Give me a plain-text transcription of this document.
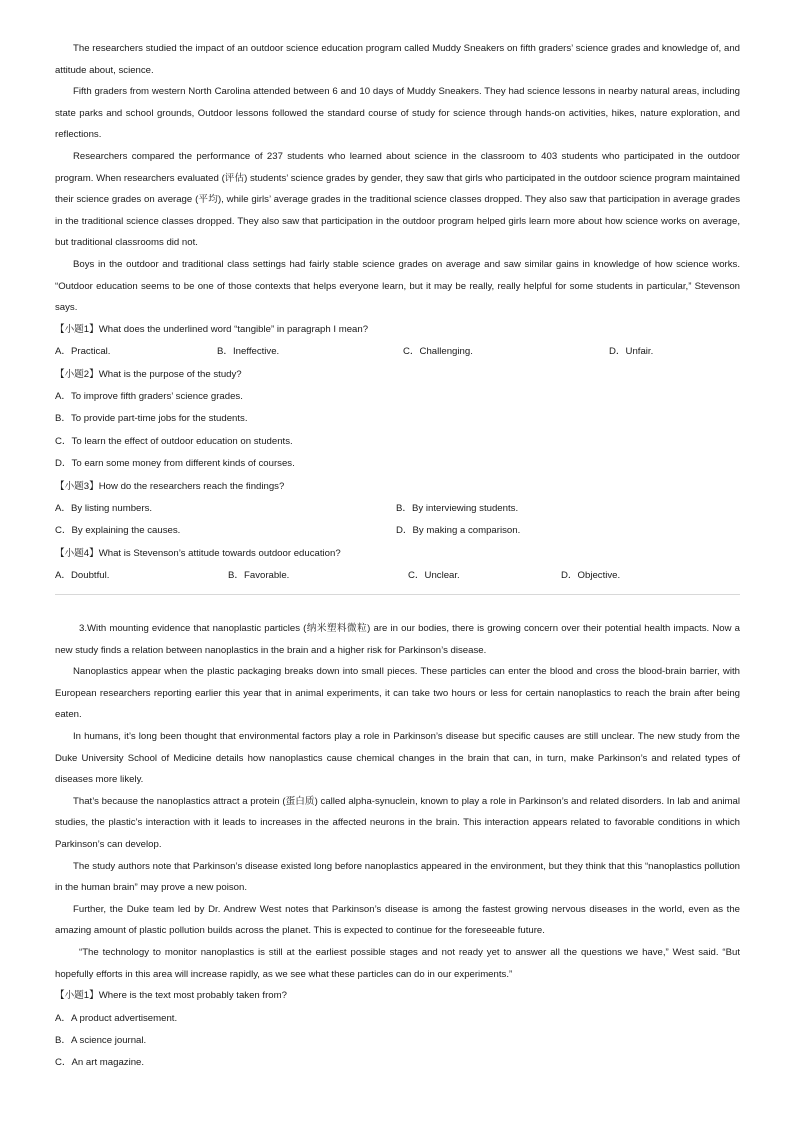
The researchers studied the impact of an outdoor science education program called Muddy Sneakers on fifth graders’ science grades and knowledge of, and attitude about, science.

Fifth graders from western North Carolina attended between 6 and 10 days of Muddy Sneakers. They had science lessons in nearby natural areas, including state parks and school grounds, Outdoor lessons followed the standard course of study for science through hands-on activities, hikes, nature exploration, and reflections.

Researchers compared the performance of 237 students who learned about science in the classroom to 403 students who participated in the outdoor program. When researchers evaluated (评估) students’ science grades by gender, they saw that girls who participated in the outdoor science program maintained their science grades on average (平均), while girls’ average grades in the traditional science classes dropped. They also saw that participation in average grades in the traditional science classes dropped. They also saw that participation in the outdoor program helped girls learn more about how science works on average, but traditional classrooms did not.

Boys in the outdoor and traditional class settings had fairly stable science grades on average and saw similar gains in knowledge of how science works. “Outdoor education seems to be one of those contexts that helps everyone learn, but it may be really, really helpful for some students in particular,” Stevenson says.

【小题1】What does the underlined word “tangible” in paragraph I mean?

A．Practical.	B．Ineffective.	C．Challenging.	D．Unfair.

【小题2】What is the purpose of the study?

A．To improve fifth graders’ science grades.

B．To provide part-time jobs for the students.

C．To learn the effect of outdoor education on students.

D．To earn some money from different kinds of courses.

【小题3】How do the researchers reach the findings?

A．By listing numbers.	B．By interviewing students.
C．By explaining the causes.	D．By making a comparison.

【小题4】What is Stevenson’s attitude towards outdoor education?

A．Doubtful.	B．Favorable.	C．Unclear.	D．Objective.

3.With mounting evidence that nanoplastic particles (纳米塑料微粒) are in our bodies, there is growing concern over their potential health impacts. Now a new study finds a relation between nanoplastics in the brain and a higher risk for Parkinson’s disease.

Nanoplastics appear when the plastic packaging breaks down into small pieces. These particles can enter the blood and cross the blood-brain barrier, with European researchers reporting earlier this year that in animal experiments, it can take two hours or less for certain nanoplastics to reach the brain after being eaten.

In humans, it’s long been thought that environmental factors play a role in Parkinson’s disease but specific causes are still unclear. The new study from the Duke University School of Medicine details how nanoplastics cause chemical changes in the brain that can, in turn, make Parkinson’s and related types of diseases more likely.

That’s because the nanoplastics attract a protein (蛋白质) called alpha-synuclein, known to play a role in Parkinson’s and related disorders. In lab and animal studies, the plastic’s interaction with it leads to increases in the affected neurons in the brain. This interaction appears related to favorable conditions in which Parkinson’s can develop.

The study authors note that Parkinson’s disease existed long before nanoplastics appeared in the environment, but they think that this “nanoplastics pollution in the human brain” may prove a new poison.

Further, the Duke team led by Dr. Andrew West notes that Parkinson’s disease is among the fastest growing nervous diseases in the world, even as the amazing amount of plastic pollution builds across the planet. This is expected to continue for the foreseeable future.

“The technology to monitor nanoplastics is still at the earliest possible stages and not ready yet to answer all the questions we have,” West said. “But hopefully efforts in this area will increase rapidly, as we see what these particles can do in our experiments.”

【小题1】Where is the text most probably taken from?

A．A product advertisement.

B．A science journal.

C．An art magazine.
